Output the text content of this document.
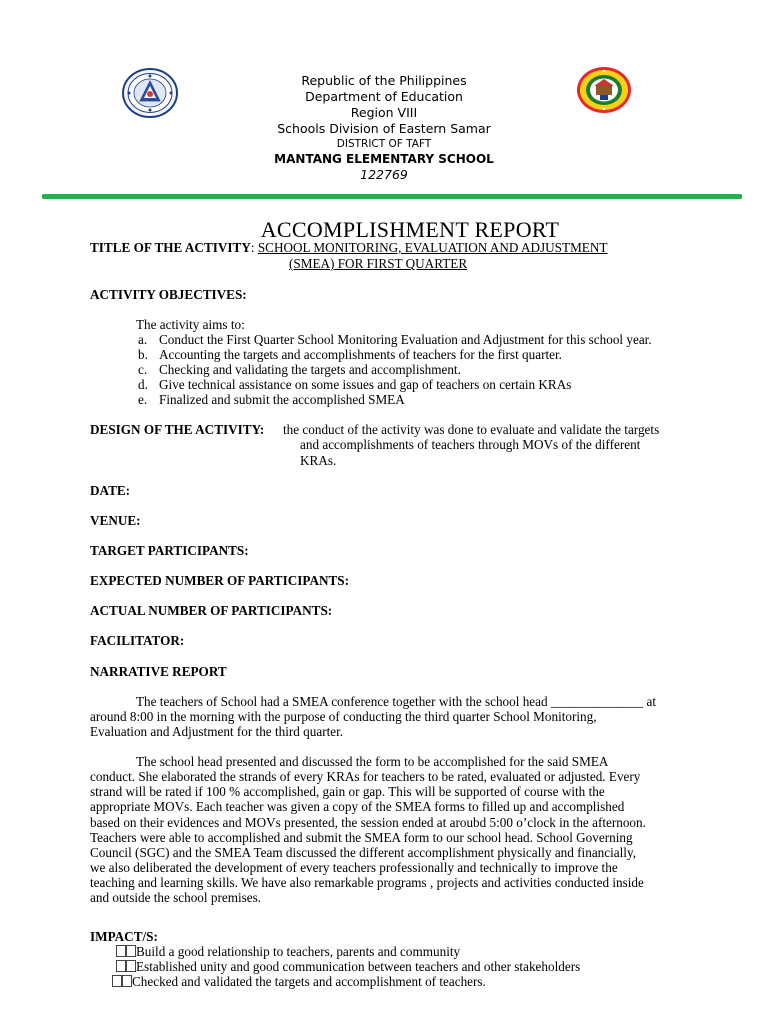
Republic of the Philippines
Department of Education
Region VIII
Schools Division of Eastern Samar
DISTRICT OF TAFT
MANTANG ELEMENTARY SCHOOL
122769
ACCOMPLISHMENT REPORT
TITLE OF THE ACTIVITY: SCHOOL MONITORING, EVALUATION AND ADJUSTMENT
(SMEA) FOR FIRST QUARTER
ACTIVITY OBJECTIVES:
The activity aims to:
a. Conduct the First Quarter School Monitoring Evaluation and Adjustment for this school year.
b. Accounting the targets and accomplishments of teachers for the first quarter.
c. Checking and validating the targets and accomplishment.
d. Give technical assistance on some issues and gap of teachers on certain KRAs
e. Finalized and submit the accomplished SMEA
DESIGN OF THE ACTIVITY: the conduct of the activity was done to evaluate and validate the targets
and accomplishments of teachers through MOVs of the different
KRAs.
DATE:
VENUE:
TARGET PARTICIPANTS:
EXPECTED NUMBER OF PARTICIPANTS:
ACTUAL NUMBER OF PARTICIPANTS:
FACILITATOR:
NARRATIVE REPORT
The teachers of School had a SMEA conference together with the school head ______________ at
around 8:00 in the morning with the purpose of conducting the third quarter School Monitoring,
Evaluation and Adjustment for the third quarter.
The school head presented and discussed the form to be accomplished for the said SMEA
conduct. She elaborated the strands of every KRAs for teachers to be rated, evaluated or adjusted. Every
strand will be rated if 100 % accomplished, gain or gap. This will be supported of course with the
appropriate MOVs. Each teacher was given a copy of the SMEA forms to filled up and accomplished
based on their evidences and MOVs presented, the session ended at aroubd 5:00 o’clock in the afternoon.
Teachers were able to accomplished and submit the SMEA form to our school head. School Governing
Council (SGC) and the SMEA Team discussed the different accomplishment physically and financially,
we also deliberated the development of every teachers professionally and technically to improve the
teaching and learning skills. We have also remarkable programs , projects and activities conducted inside
and outside the school premises.
IMPACT/S:
Build a good relationship to teachers, parents and community
Established unity and good communication between teachers and other stakeholders
Checked and validated the targets and accomplishment of teachers.
